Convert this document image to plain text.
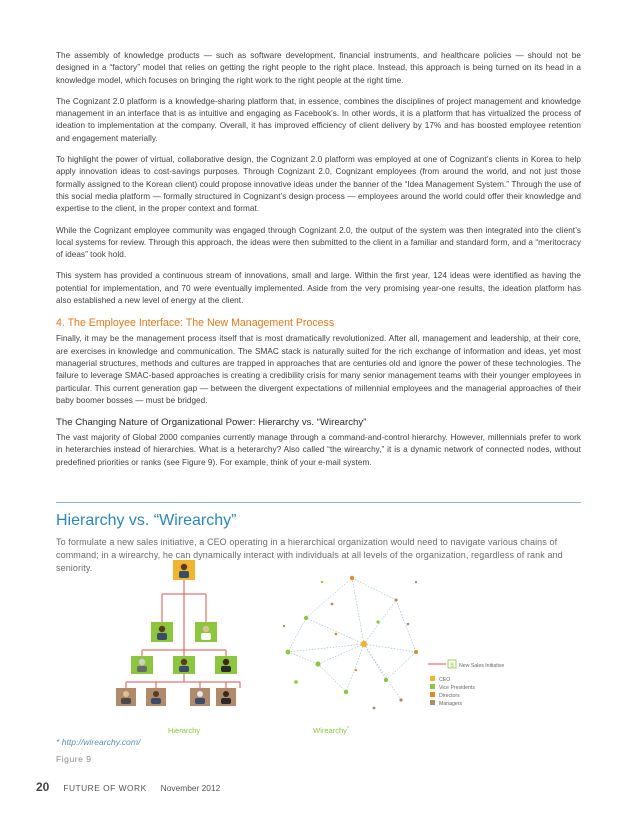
The assembly of knowledge products — such as software development, financial instruments, and healthcare policies — should not be designed in a “factory” model that relies on getting the right people to the right place. Instead, this approach is being turned on its head in a knowledge model, which focuses on bringing the right work to the right people at the right time.

The Cognizant 2.0 platform is a knowledge-sharing platform that, in essence, combines the disciplines of project management and knowledge management in an interface that is as intuitive and engaging as Facebook’s. In other words, it is a platform that has virtualized the process of ideation to implementation at the company. Overall, it has improved efficiency of client delivery by 17% and has boosted employee retention and engagement materially.

To highlight the power of virtual, collaborative design, the Cognizant 2.0 platform was employed at one of Cognizant’s clients in Korea to help apply innovation ideas to cost-savings purposes. Through Cognizant 2.0, Cognizant employees (from around the world, and not just those formally assigned to the Korean client) could propose innovative ideas under the banner of the “Idea Management System.” Through the use of this social media platform — formally structured in Cognizant’s design process — employees around the world could offer their knowledge and expertise to the client, in the proper context and format.

While the Cognizant employee community was engaged through Cognizant 2.0, the output of the system was then integrated into the client’s local systems for review. Through this approach, the ideas were then submitted to the client in a familiar and standard form, and a “meritocracy of ideas” took hold.

This system has provided a continuous stream of innovations, small and large. Within the first year, 124 ideas were identified as having the potential for implementation, and 70 were eventually implemented. Aside from the very promising year-one results, the ideation platform has also established a new level of energy at the client.

4. The Employee Interface: The New Management Process

Finally, it may be the management process itself that is most dramatically revolutionized. After all, management and leadership, at their core, are exercises in knowledge and communication. The SMAC stack is naturally suited for the rich exchange of information and ideas, yet most managerial structures, methods and cultures are trapped in approaches that are centuries old and ignore the power of these technologies. The failure to leverage SMAC-based approaches is creating a credibility crisis for many senior management teams with their younger employees in particular. This current generation gap — between the divergent expectations of millennial employees and the managerial approaches of their baby boomer bosses — must be bridged.

The Changing Nature of Organizational Power: Hierarchy vs. “Wirearchy”

The vast majority of Global 2000 companies currently manage through a command-and-control hierarchy. However, millennials prefer to work in heterarchies instead of hierarchies. What is a heterarchy? Also called “the wirearchy,” it is a dynamic network of connected nodes, without predefined priorities or ranks (see Figure 9). For example, think of your e-mail system.

Hierarchy vs. “Wirearchy”

To formulate a new sales initiative, a CEO operating in a hierarchical organization would need to navigate various chains of command; in a wirearchy, he can dynamically interact with individuals at all levels of the organization, regardless of rank and seniority.

Hierarchy	Wirearchy*
$ New Sales Initiative
CEO
Vice Presidents
Directors
Managers

* http://wirearchy.com/

Figure 9

20 FUTURE OF WORK November 2012
